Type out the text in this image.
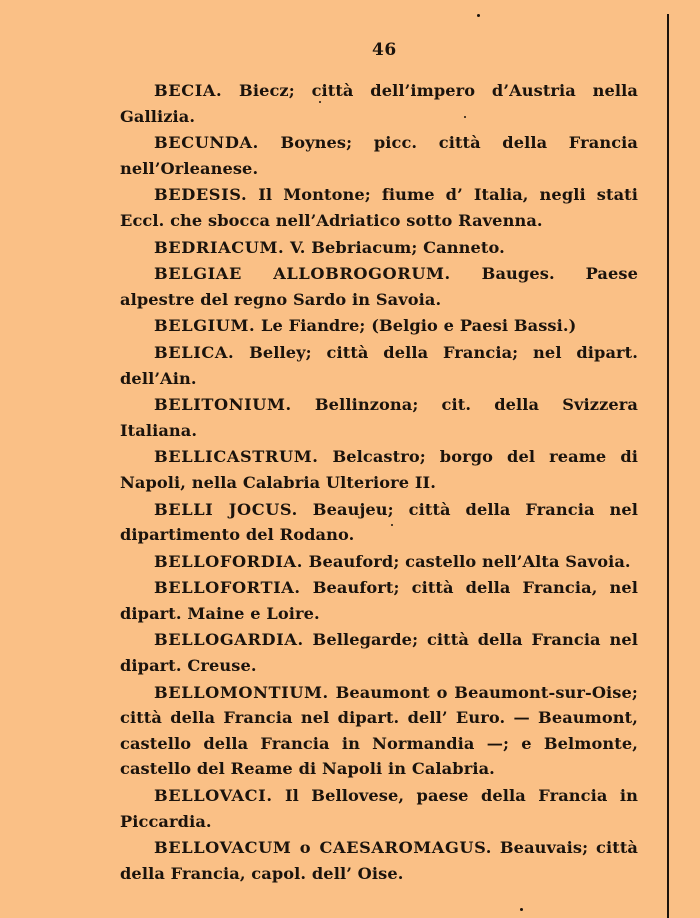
46

BECIA. Biecz; città dell’impero d’Austria nella Gallizia.

BECUNDA. Boynes; picc. città della Francia nell’Orleanese.

BEDESIS. Il Montone; fiume d’ Italia, negli stati Eccl. che sbocca nell’Adriatico sotto Ravenna.

BEDRIACUM. V. Bebriacum; Canneto.

BELGIAE ALLOBROGORUM. Bauges. Paese alpestre del regno Sardo in Savoia.

BELGIUM. Le Fiandre; (Belgio e Paesi Bassi.)

BELICA. Belley; città della Francia; nel dipart. dell’Ain.

BELITONIUM. Bellinzona; cit. della Svizzera Italiana.

BELLICASTRUM. Belcastro; borgo del reame di Napoli, nella Calabria Ulteriore II.

BELLI JOCUS. Beaujeu; città della Francia nel dipartimento del Rodano.

BELLOFORDIA. Beauford; castello nell’Alta Savoia.

BELLOFORTIA. Beaufort; città della Francia, nel dipart. Maine e Loire.

BELLOGARDIA. Bellegarde; città della Francia nel dipart. Creuse.

BELLOMONTIUM. Beaumont o Beaumont-sur-Oise; città della Francia nel dipart. dell’ Euro. — Beaumont, castello della Francia in Normandia —; e Belmonte, castello del Reame di Napoli in Calabria.

BELLOVACI. Il Bellovese, paese della Francia in Piccardia.

BELLOVACUM o CAESAROMAGUS. Beauvais; città della Francia, capol. dell’ Oise.
